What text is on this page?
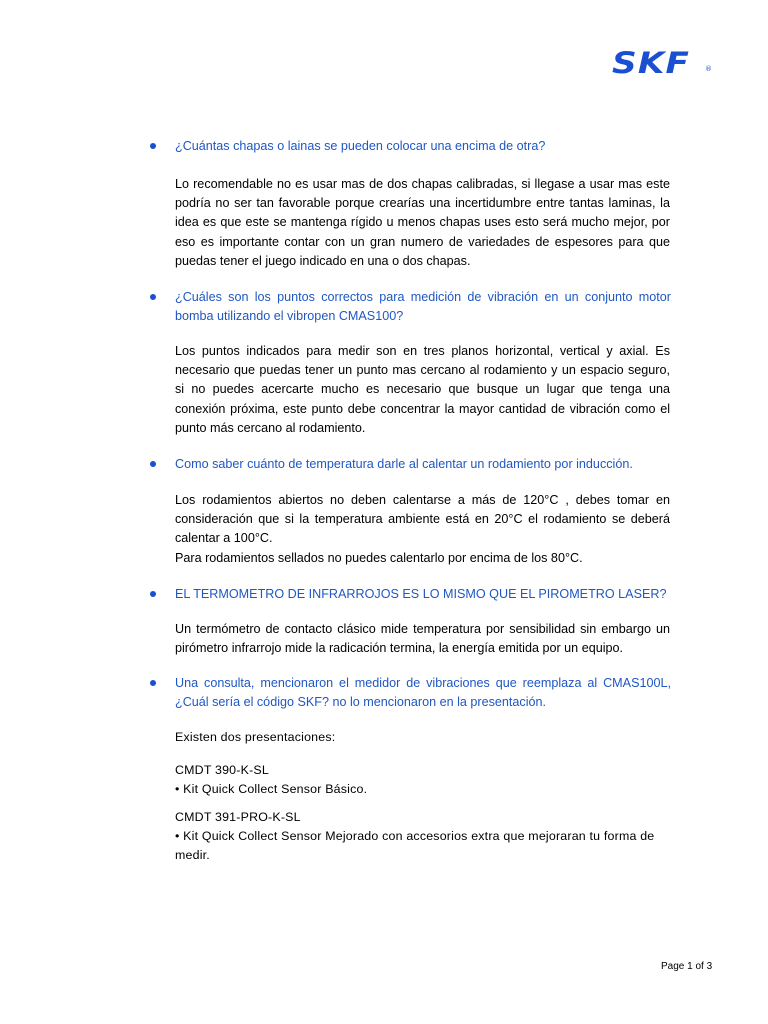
SKF ®
¿Cuántas chapas o lainas se pueden colocar una encima de otra?

Lo recomendable no es usar mas de dos chapas calibradas, si llegase a usar mas este podría no ser tan favorable porque crearías una incertidumbre entre tantas laminas, la idea es que este se mantenga rígido u menos chapas uses esto será mucho mejor, por eso es importante contar con un gran numero de variedades de espesores para que puedas tener el juego indicado en una o dos chapas.

¿Cuáles son los puntos correctos para medición de vibración en un conjunto motor bomba utilizando el vibropen CMAS100?

Los puntos indicados para medir son en tres planos horizontal, vertical y axial. Es necesario que puedas tener un punto mas cercano al rodamiento y un espacio seguro, si no puedes acercarte mucho es necesario que busque un lugar que tenga una conexión próxima, este punto debe concentrar la mayor cantidad de vibración como el punto más cercano al rodamiento.

Como saber cuánto de temperatura darle al calentar un rodamiento por inducción.

Los rodamientos abiertos no deben calentarse a más de 120°C , debes tomar en consideración que si la temperatura ambiente está en 20°C el rodamiento se deberá calentar a 100°C.

Para rodamientos sellados no puedes calentarlo por encima de los 80°C.

EL TERMOMETRO DE INFRARROJOS ES LO MISMO QUE EL PIROMETRO LASER?

Un termómetro de contacto clásico mide temperatura por sensibilidad sin embargo un pirómetro infrarrojo mide la radicación termina, la energía emitida por un equipo.

Una consulta, mencionaron el medidor de vibraciones que reemplaza al CMAS100L, ¿Cuál sería el código SKF? no lo mencionaron en la presentación.

Existen dos presentaciones:

CMDT 390-K-SL

• Kit Quick Collect Sensor Básico.

CMDT 391-PRO-K-SL

• Kit Quick Collect Sensor Mejorado con accesorios extra que mejoraran tu forma de medir.

Page 1 of 3
